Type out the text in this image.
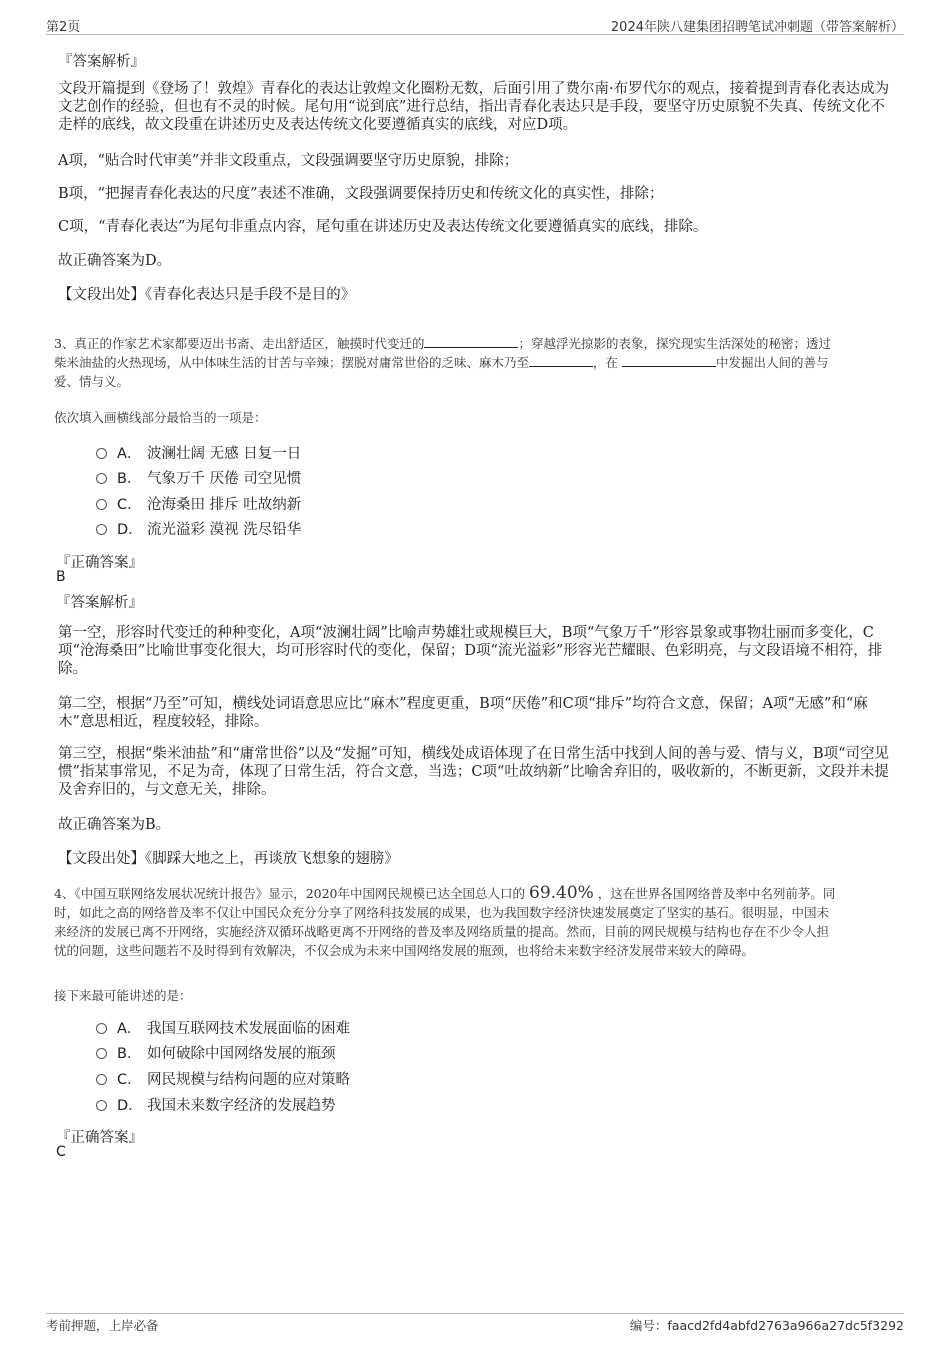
第2页	2024年陕八建集团招聘笔试冲刺题（带答案解析）

『答案解析』

文段开篇提到《登场了！敦煌》青春化的表达让敦煌文化圈粉无数，后面引用了费尔南·布罗代尔的观点，接着提到青春化表达成为文艺创作的经验，但也有不灵的时候。尾句用“说到底”进行总结，指出青春化表达只是手段，要坚守历史原貌不失真、传统文化不走样的底线，故文段重在讲述历史及表达传统文化要遵循真实的底线，对应D项。

A项，“贴合时代审美”并非文段重点，文段强调要坚守历史原貌，排除；

B项，“把握青春化表达的尺度”表述不准确，文段强调要保持历史和传统文化的真实性，排除；

C项，“青春化表达”为尾句非重点内容，尾句重在讲述历史及表达传统文化要遵循真实的底线，排除。

故正确答案为D。

【文段出处】《青春化表达只是手段不是目的》

3、真正的作家艺术家都要迈出书斋、走出舒适区，触摸时代变迁的	；穿越浮光掠影的表象，探究现实生活深处的秘密；透过
柴米油盐的火热现场，从中体味生活的甘苦与辛辣；摆脱对庸常世俗的乏味、麻木乃至	，在	中发掘出人间的善与
爱、情与义。

依次填入画横线部分最恰当的一项是：

A． 波澜壮阔 无感 日复一日
B． 气象万千 厌倦 司空见惯
C． 沧海桑田 排斥 吐故纳新
D． 流光溢彩 漠视 洗尽铅华

『正确答案』

B

『答案解析』

第一空，形容时代变迁的种种变化，A项“波澜壮阔”比喻声势雄壮或规模巨大，B项“气象万千”形容景象或事物壮丽而多变化，C项“沧海桑田”比喻世事变化很大，均可形容时代的变化，保留；D项“流光溢彩”形容光芒耀眼、色彩明亮，与文段语境不相符，排除。

第二空，根据“乃至”可知，横线处词语意思应比“麻木”程度更重，B项“厌倦”和C项“排斥”均符合文意，保留；A项“无感”和“麻木”意思相近，程度较轻，排除。

第三空，根据“柴米油盐”和“庸常世俗”以及“发掘”可知，横线处成语体现了在日常生活中找到人间的善与爱、情与义，B项“司空见惯”指某事常见，不足为奇，体现了日常生活，符合文意，当选；C项“吐故纳新”比喻舍弃旧的，吸收新的，不断更新，文段并未提及舍弃旧的，与文意无关，排除。

故正确答案为B。

【文段出处】《脚踩大地之上，再谈放飞想象的翅膀》

4、《中国互联网络发展状况统计报告》显示，2020年中国网民规模已达全国总人口的 69.40% ，这在世界各国网络普及率中名列前茅。同
时，如此之高的网络普及率不仅让中国民众充分分享了网络科技发展的成果，也为我国数字经济快速发展奠定了坚实的基石。很明显，中国未
来经济的发展已离不开网络，实施经济双循环战略更离不开网络的普及率及网络质量的提高。然而，目前的网民规模与结构也存在不少令人担
忧的问题，这些问题若不及时得到有效解决，不仅会成为未来中国网络发展的瓶颈，也将给未来数字经济发展带来较大的障碍。

接下来最可能讲述的是：

A． 我国互联网技术发展面临的困难
B． 如何破除中国网络发展的瓶颈
C． 网民规模与结构问题的应对策略
D． 我国未来数字经济的发展趋势

『正确答案』

C

考前押题，上岸必备	编号：faacd2fd4abfd2763a966a27dc5f3292
